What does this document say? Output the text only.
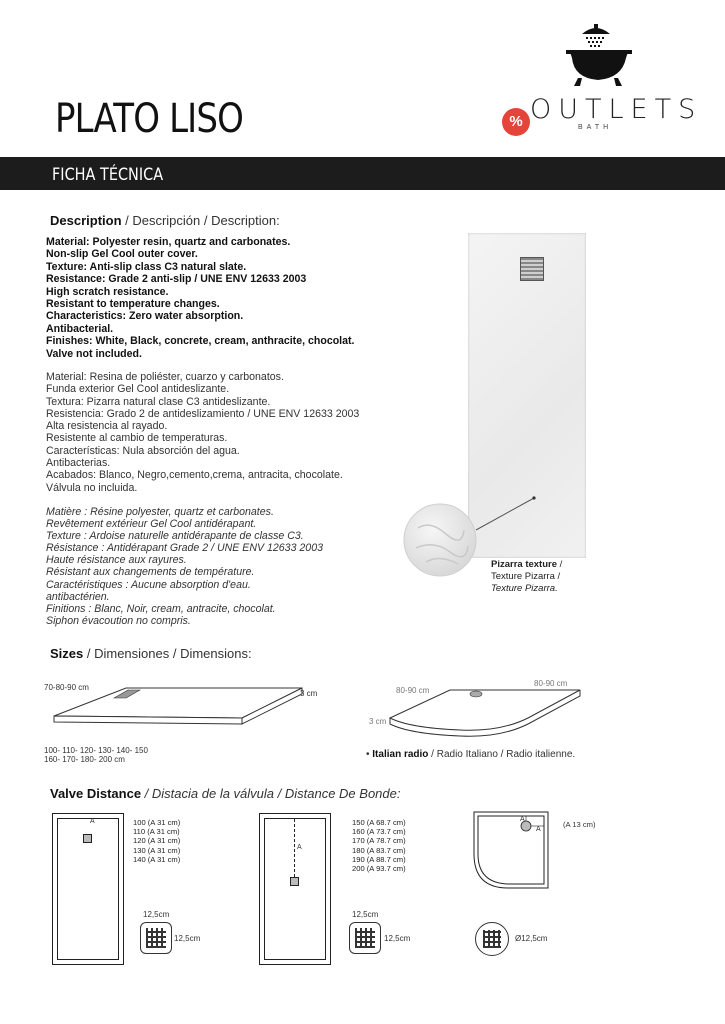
PLATO LISO	% OUTLETS
BATH
FICHA TÉCNICA
Description / Descripción / Description:
Material: Polyester resin, quartz and carbonates.
Non-slip Gel Cool outer cover.
Texture: Anti-slip class C3 natural slate.
Resistance: Grade 2 anti-slip / UNE ENV 12633 2003
High scratch resistance.
Resistant to temperature changes.
Characteristics: Zero water absorption.
Antibacterial.
Finishes: White, Black, concrete, cream, anthracite, chocolat.
Valve not included.
Material: Resina de poliéster, cuarzo y carbonatos.
Funda exterior Gel Cool antideslizante.
Textura: Pizarra natural clase C3 antideslizante.
Resistencia: Grado 2 de antideslizamiento / UNE ENV 12633 2003
Alta resistencia al rayado.
Resistente al cambio de temperaturas.
Características: Nula absorción del agua.
Antibacterias.
Acabados: Blanco, Negro,cemento,crema, antracita, chocolate.
Válvula no incluida.
Matière : Résine polyester, quartz et carbonates.
Revêtement extérieur Gel Cool antidérapant.
Texture : Ardoise naturelle antidérapante de classe C3.
Résistance : Antidérapant Grade 2 / UNE ENV 12633 2003
Haute résistance aux rayures.
Résistant aux changements de température.
Caractéristiques : Aucune absorption d'eau.
antibactérien.
Finitions : Blanc, Noir, cream, antracite, chocolat.
Siphon évacoution no compris.
Pizarra texture /
Texture Pizarra /
Texture Pizarra.
Sizes / Dimensiones / Dimensions:
70-80-90 cm
3 cm
100- 110- 120- 130- 140- 150
160- 170- 180- 200 cm
80-90 cm
80-90 cm
3 cm
• Italian radio / Radio Italiano / Radio italienne.
Valve Distance / Distacia de la válvula / Distance De Bonde:
A	100 (A 31 cm)
110 (A 31 cm)
120 (A 31 cm)
130 (A 31 cm)
140 (A 31 cm)
12,5cm
12,5cm
A
150 (A 68.7 cm)
160 (A 73.7 cm)
170 (A 78.7 cm)
180 (A 83.7 cm)
190 (A 88.7 cm)
200 (A 93.7 cm)
12,5cm
12,5cm
A
A
(A 13 cm)
Ø12,5cm
